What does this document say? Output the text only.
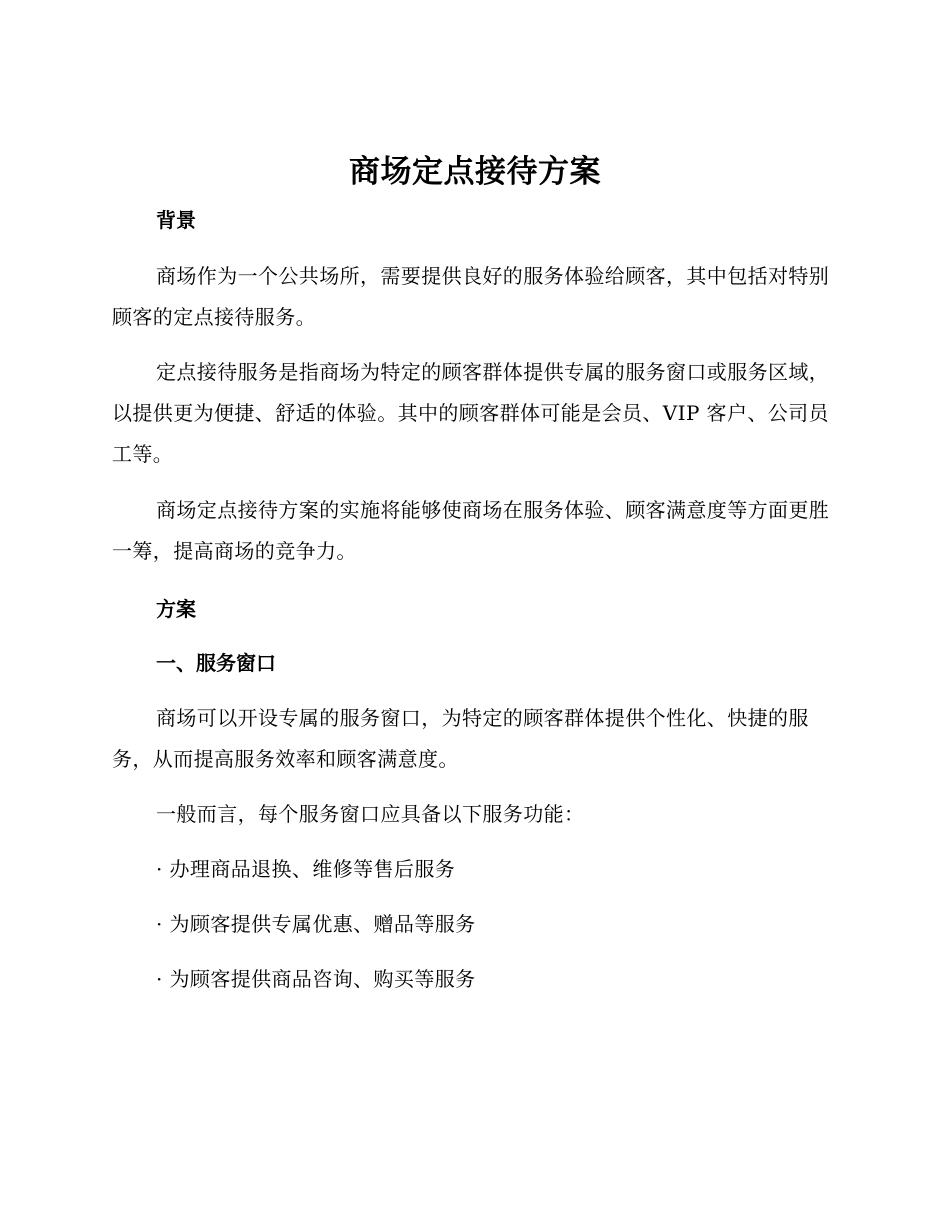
商场定点接待方案
背景
商场作为一个公共场所，需要提供良好的服务体验给顾客，其中包括对特别顾客的定点接待服务。
定点接待服务是指商场为特定的顾客群体提供专属的服务窗口或服务区域，以提供更为便捷、舒适的体验。其中的顾客群体可能是会员、VIP 客户、公司员工等。
商场定点接待方案的实施将能够使商场在服务体验、顾客满意度等方面更胜一筹，提高商场的竞争力。
方案
一、服务窗口
商场可以开设专属的服务窗口，为特定的顾客群体提供个性化、快捷的服务，从而提高服务效率和顾客满意度。
一般而言，每个服务窗口应具备以下服务功能：
· 办理商品退换、维修等售后服务
· 为顾客提供专属优惠、赠品等服务
· 为顾客提供商品咨询、购买等服务
